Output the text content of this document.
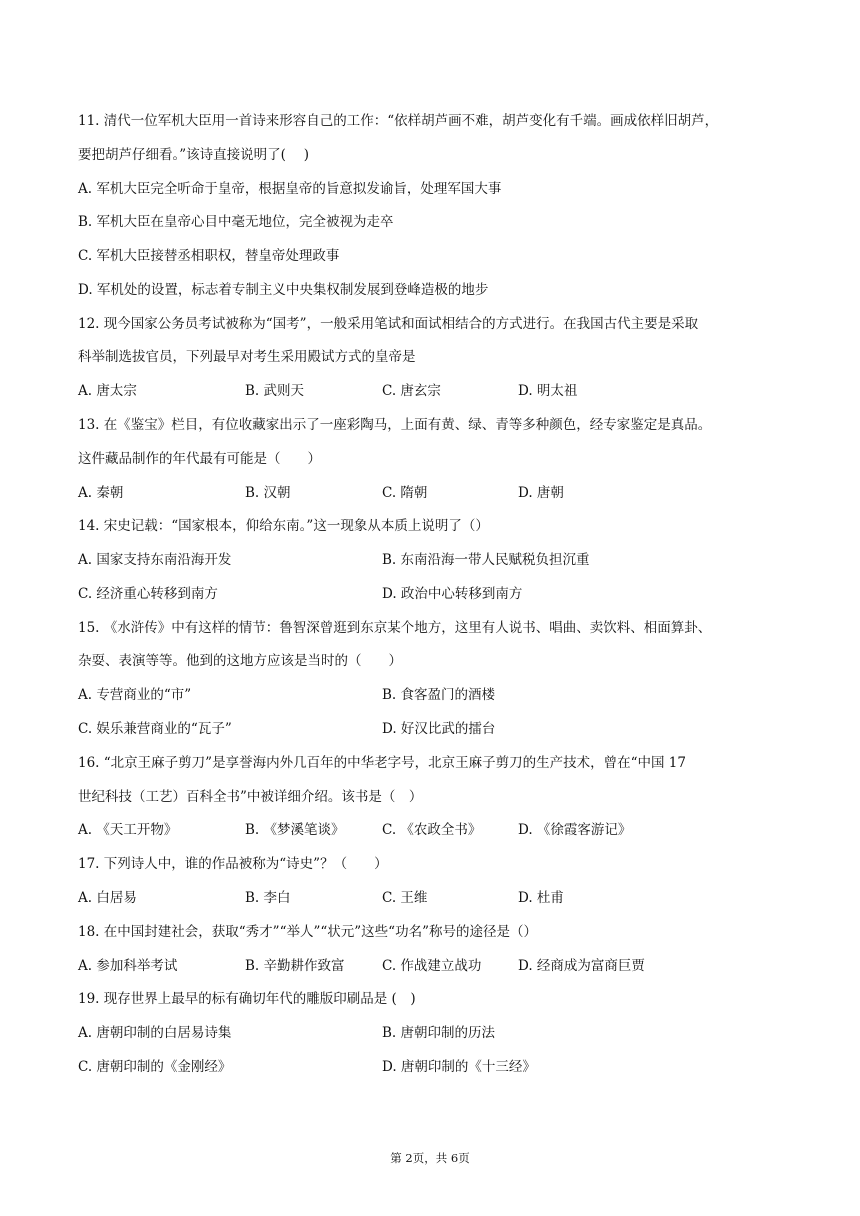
11. 清代一位军机大臣用一首诗来形容自己的工作：“依样胡芦画不难，胡芦变化有千端。画成依样旧胡芦，
要把胡芦仔细看。”该诗直接说明了(　 )
A. 军机大臣完全听命于皇帝，根据皇帝的旨意拟发谕旨，处理军国大事
B. 军机大臣在皇帝心目中毫无地位，完全被视为走卒
C. 军机大臣接替丞相职权，替皇帝处理政事
D. 军机处的设置，标志着专制主义中央集权制发展到登峰造极的地步
12. 现今国家公务员考试被称为“国考”，一般采用笔试和面试相结合的方式进行。在我国古代主要是采取
科举制选拔官员，下列最早对考生采用殿试方式的皇帝是
A. 唐太宗	B. 武则天	C. 唐玄宗	D. 明太祖
13. 在《鉴宝》栏目，有位收藏家出示了一座彩陶马，上面有黄、绿、青等多种颜色，经专家鉴定是真品。
这件藏品制作的年代最有可能是（　　）
A. 秦朝	B. 汉朝	C. 隋朝	D. 唐朝
14. 宋史记载：“国家根本，仰给东南。”这一现象从本质上说明了（）
A. 国家支持东南沿海开发	B. 东南沿海一带人民赋税负担沉重
C. 经济重心转移到南方	D. 政治中心转移到南方
15. 《水浒传》中有这样的情节：鲁智深曾逛到东京某个地方，这里有人说书、唱曲、卖饮料、相面算卦、
杂耍、表演等等。他到的这地方应该是当时的（　　）
A. 专营商业的“市”	B. 食客盈门的酒楼
C. 娱乐兼营商业的“瓦子”	D. 好汉比武的擂台
16. “北京王麻子剪刀”是享誉海内外几百年的中华老字号，北京王麻子剪刀的生产技术，曾在“中国 17
世纪科技（工艺）百科全书”中被详细介绍。该书是（　）
A. 《天工开物》	B. 《梦溪笔谈》	C. 《农政全书》	D. 《徐霞客游记》
17. 下列诗人中，谁的作品被称为“诗史”？（　　）
A. 白居易	B. 李白	C. 王维	D. 杜甫
18. 在中国封建社会，获取“秀才”“举人”“状元”这些“功名”称号的途径是（）
A. 参加科举考试	B. 辛勤耕作致富	C. 作战建立战功	D. 经商成为富商巨贾
19. 现存世界上最早的标有确切年代的雕版印刷品是 (　)
A. 唐朝印制的白居易诗集	B. 唐朝印制的历法
C. 唐朝印制的《金刚经》	D. 唐朝印制的《十三经》
第 2页，共 6页
